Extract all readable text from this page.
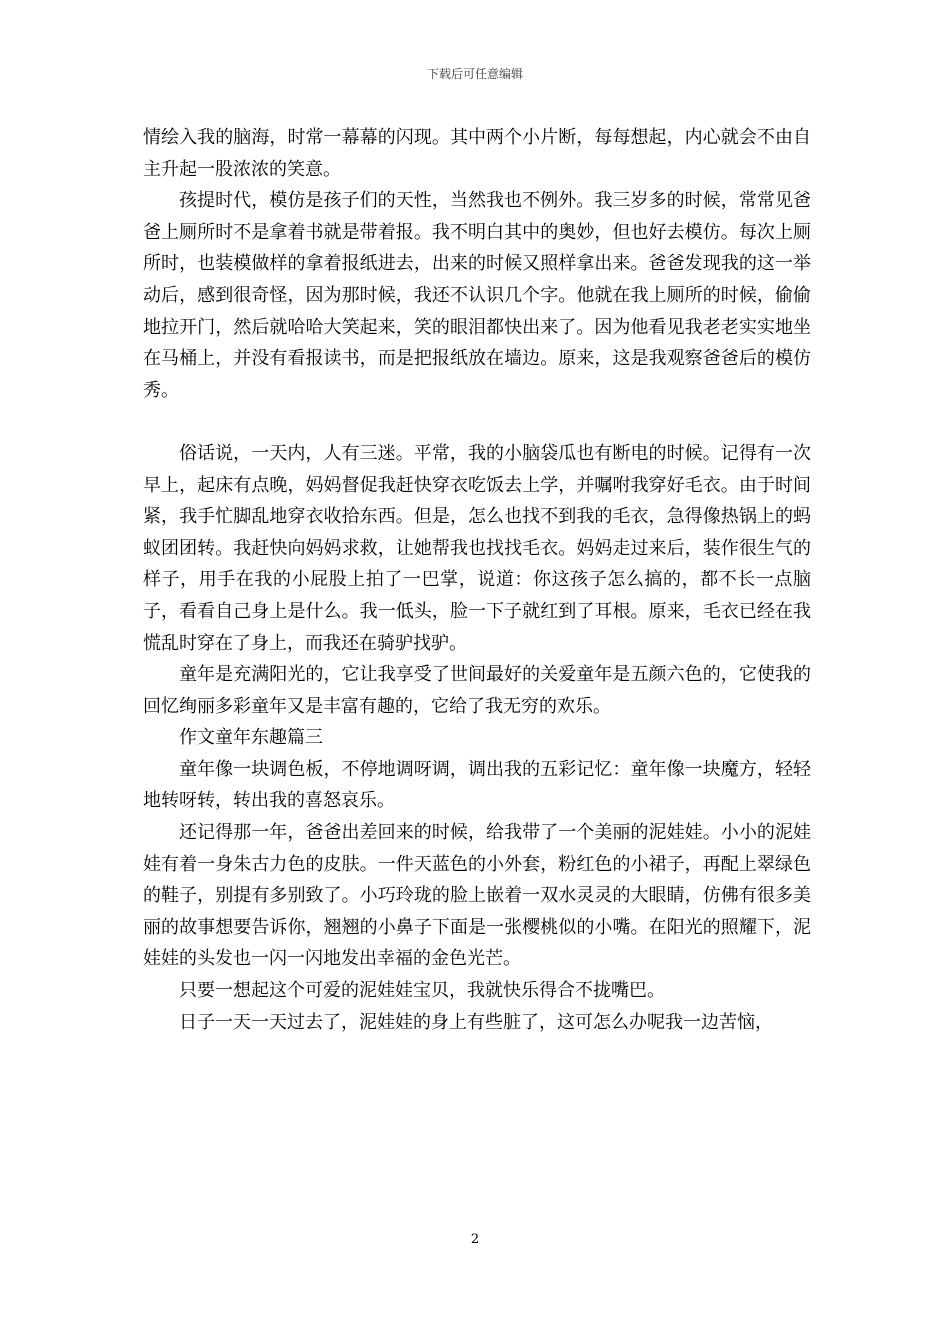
下载后可任意编辑

情绘入我的脑海，时常一幕幕的闪现。其中两个小片断，每每想起，内心就会不由自主升起一股浓浓的笑意。

孩提时代，模仿是孩子们的天性，当然我也不例外。我三岁多的时候，常常见爸爸上厕所时不是拿着书就是带着报。我不明白其中的奥妙，但也好去模仿。每次上厕所时，也装模做样的拿着报纸进去，出来的时候又照样拿出来。爸爸发现我的这一举动后，感到很奇怪，因为那时候，我还不认识几个字。他就在我上厕所的时候，偷偷地拉开门，然后就哈哈大笑起来，笑的眼泪都快出来了。因为他看见我老老实实地坐在马桶上，并没有看报读书，而是把报纸放在墙边。原来，这是我观察爸爸后的模仿秀。

俗话说，一天内，人有三迷。平常，我的小脑袋瓜也有断电的时候。记得有一次早上，起床有点晚，妈妈督促我赶快穿衣吃饭去上学，并嘱咐我穿好毛衣。由于时间紧，我手忙脚乱地穿衣收拾东西。但是，怎么也找不到我的毛衣，急得像热锅上的蚂蚁团团转。我赶快向妈妈求救，让她帮我也找找毛衣。妈妈走过来后，装作很生气的样子，用手在我的小屁股上拍了一巴掌，说道：你这孩子怎么搞的，都不长一点脑子，看看自己身上是什么。我一低头，脸一下子就红到了耳根。原来，毛衣已经在我慌乱时穿在了身上，而我还在骑驴找驴。

童年是充满阳光的，它让我享受了世间最好的关爱童年是五颜六色的，它使我的回忆绚丽多彩童年又是丰富有趣的，它给了我无穷的欢乐。

作文童年东趣篇三

童年像一块调色板，不停地调呀调，调出我的五彩记忆：童年像一块魔方，轻轻地转呀转，转出我的喜怒哀乐。

还记得那一年，爸爸出差回来的时候，给我带了一个美丽的泥娃娃。小小的泥娃娃有着一身朱古力色的皮肤。一件天蓝色的小外套，粉红色的小裙子，再配上翠绿色的鞋子，别提有多别致了。小巧玲珑的脸上嵌着一双水灵灵的大眼睛，仿佛有很多美丽的故事想要告诉你，翘翘的小鼻子下面是一张樱桃似的小嘴。在阳光的照耀下，泥娃娃的头发也一闪一闪地发出幸福的金色光芒。

只要一想起这个可爱的泥娃娃宝贝，我就快乐得合不拢嘴巴。

日子一天一天过去了，泥娃娃的身上有些脏了，这可怎么办呢我一边苦恼，

2
